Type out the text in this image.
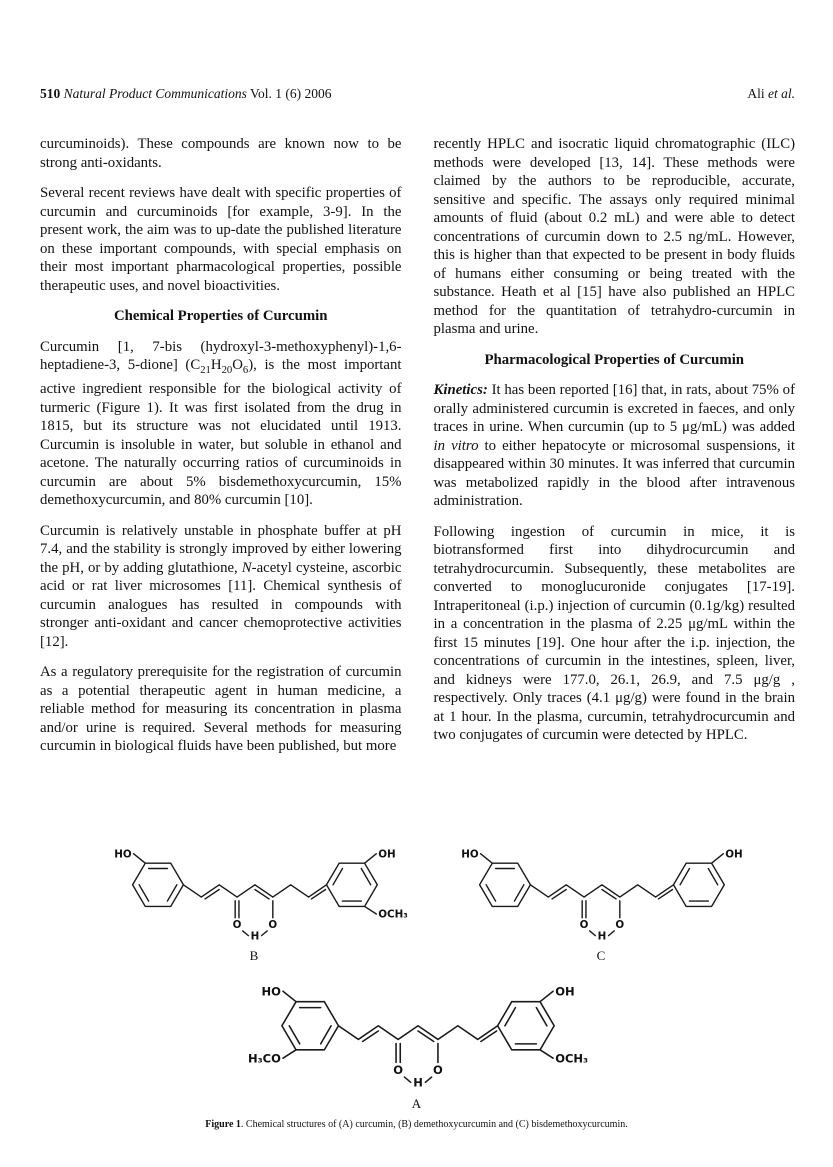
510 Natural Product Communications Vol. 1 (6) 2006	Ali et al.

curcuminoids). These compounds are known now to be strong anti-oxidants.

Several recent reviews have dealt with specific properties of curcumin and curcuminoids [for example, 3-9]. In the present work, the aim was to up-date the published literature on these important compounds, with special emphasis on their most important pharmacological properties, possible therapeutic uses, and novel bioactivities.

Chemical Properties of Curcumin

Curcumin [1, 7-bis (hydroxyl-3-methoxyphenyl)-1,6-heptadiene-3, 5-dione] $(C_{21}H_{20}O_6)$, is the most important active ingredient responsible for the biological activity of turmeric (Figure 1). It was first isolated from the drug in 1815, but its structure was not elucidated until 1913. Curcumin is insoluble in water, but soluble in ethanol and acetone. The naturally occurring ratios of curcuminoids in curcumin are about 5% bisdemethoxycurcumin, 15% demethoxycurcumin, and 80% curcumin [10].

Curcumin is relatively unstable in phosphate buffer at pH 7.4, and the stability is strongly improved by either lowering the pH, or by adding glutathione, N-acetyl cysteine, ascorbic acid or rat liver microsomes [11]. Chemical synthesis of curcumin analogues has resulted in compounds with stronger anti-oxidant and cancer chemoprotective activities [12].

As a regulatory prerequisite for the registration of curcumin as a potential therapeutic agent in human medicine, a reliable method for measuring its concentration in plasma and/or urine is required. Several methods for measuring curcumin in biological fluids have been published, but more

recently HPLC and isocratic liquid chromatographic (ILC) methods were developed [13, 14]. These methods were claimed by the authors to be reproducible, accurate, sensitive and specific. The assays only required minimal amounts of fluid (about 0.2 mL) and were able to detect concentrations of curcumin down to 2.5 ng/mL. However, this is higher than that expected to be present in body fluids of humans either consuming or being treated with the substance. Heath et al [15] have also published an HPLC method for the quantitation of tetrahydro-curcumin in plasma and urine.

Pharmacological Properties of Curcumin

Kinetics: It has been reported [16] that, in rats, about 75% of orally administered curcumin is excreted in faeces, and only traces in urine. When curcumin (up to 5 μg/mL) was added in vitro to either hepatocyte or microsomal suspensions, it disappeared within 30 minutes. It was inferred that curcumin was metabolized rapidly in the blood after intravenous administration.

Following ingestion of curcumin in mice, it is biotransformed first into dihydrocurcumin and tetrahydrocurcumin. Subsequently, these metabolites are converted to monoglucuronide conjugates [17-19]. Intraperitoneal (i.p.) injection of curcumin (0.1g/kg) resulted in a concentration in the plasma of 2.25 μg/mL within the first 15 minutes [19]. One hour after the i.p. injection, the concentrations of curcumin in the intestines, spleen, liver, and kidneys were 177.0, 26.1, 26.9, and 7.5 μg/g , respectively. Only traces (4.1 μg/g) were found in the brain at 1 hour. In the plasma, curcumin, tetrahydrocurcumin and two conjugates of curcumin were detected by HPLC.

HO
O O
H
OH
OCH₃
B
HO
O O
H
OH
C
HO
H₃CO
O	O
H
OH
OCH₃
A
Figure 1. Chemical structures of (A) curcumin, (B) demethoxycurcumin and (C) bisdemethoxycurcumin.
